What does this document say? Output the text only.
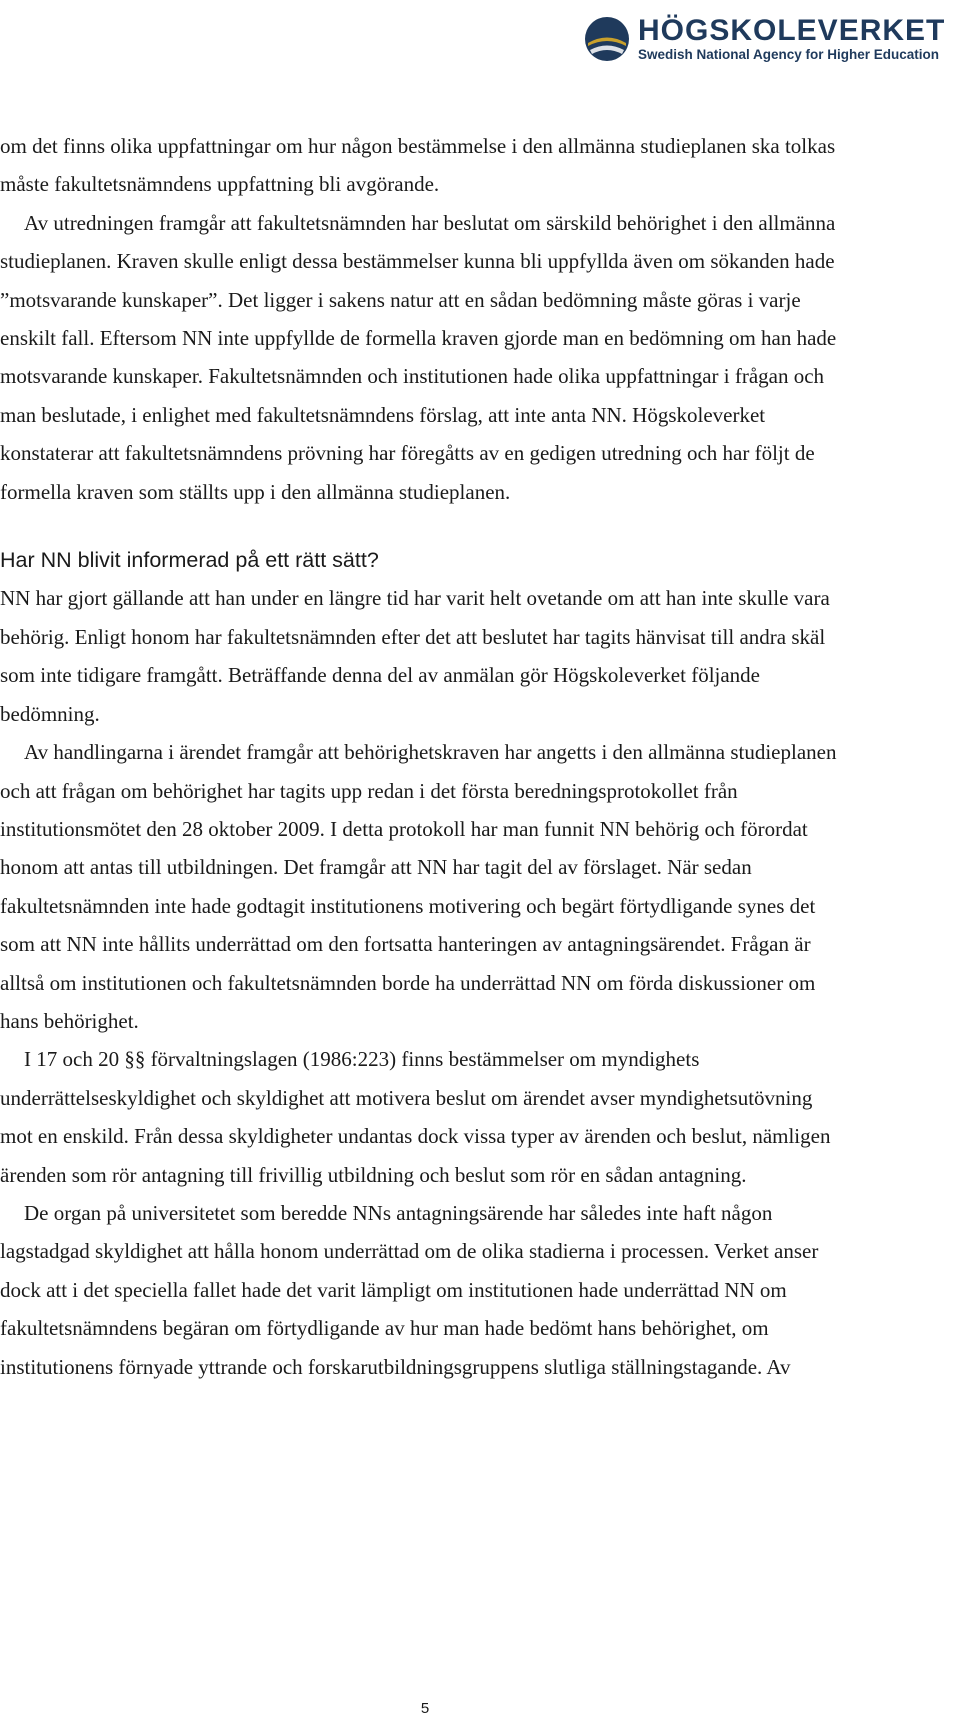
HÖGSKOLEVERKET
Swedish National Agency for Higher Education

om det finns olika uppfattningar om hur någon bestämmelse i den allmänna studieplanen ska tolkas måste fakultetsnämndens uppfattning bli avgörande.

Av utredningen framgår att fakultetsnämnden har beslutat om särskild behörighet i den allmänna studieplanen. Kraven skulle enligt dessa bestämmelser kunna bli uppfyllda även om sökanden hade ”motsvarande kunskaper”. Det ligger i sakens natur att en sådan bedömning måste göras i varje enskilt fall. Eftersom NN inte uppfyllde de formella kraven gjorde man en bedömning om han hade motsvarande kunskaper. Fakultetsnämnden och institutionen hade olika uppfattningar i frågan och man beslutade, i enlighet med fakultetsnämndens förslag, att inte anta NN. Högskoleverket konstaterar att fakultetsnämndens prövning har föregåtts av en gedigen utredning och har följt de formella kraven som ställts upp i den allmänna studieplanen.

Har NN blivit informerad på ett rätt sätt?

NN har gjort gällande att han under en längre tid har varit helt ovetande om att han inte skulle vara behörig. Enligt honom har fakultetsnämnden efter det att beslutet har tagits hänvisat till andra skäl som inte tidigare framgått. Beträffande denna del av anmälan gör Högskoleverket följande bedömning.

Av handlingarna i ärendet framgår att behörighetskraven har angetts i den allmänna studieplanen och att frågan om behörighet har tagits upp redan i det första beredningsprotokollet från institutionsmötet den 28 oktober 2009. I detta protokoll har man funnit NN behörig och förordat honom att antas till utbildningen. Det framgår att NN har tagit del av förslaget. När sedan fakultetsnämnden inte hade godtagit institutionens motivering och begärt förtydligande synes det som att NN inte hållits underrättad om den fortsatta hanteringen av antagningsärendet. Frågan är alltså om institutionen och fakultetsnämnden borde ha underrättad NN om förda diskussioner om hans behörighet.

I 17 och 20 §§ förvaltningslagen (1986:223) finns bestämmelser om myndighets underrättelseskyldighet och skyldighet att motivera beslut om ärendet avser myndighetsutövning mot en enskild. Från dessa skyldigheter undantas dock vissa typer av ärenden och beslut, nämligen ärenden som rör antagning till frivillig utbildning och beslut som rör en sådan antagning.

De organ på universitetet som beredde NNs antagningsärende har således inte haft någon lagstadgad skyldighet att hålla honom underrättad om de olika stadierna i processen. Verket anser dock att i det speciella fallet hade det varit lämpligt om institutionen hade underrättad NN om fakultetsnämndens begäran om förtydligande av hur man hade bedömt hans behörighet, om institutionens förnyade yttrande och forskarutbildningsgruppens slutliga ställningstagande. Av

5
